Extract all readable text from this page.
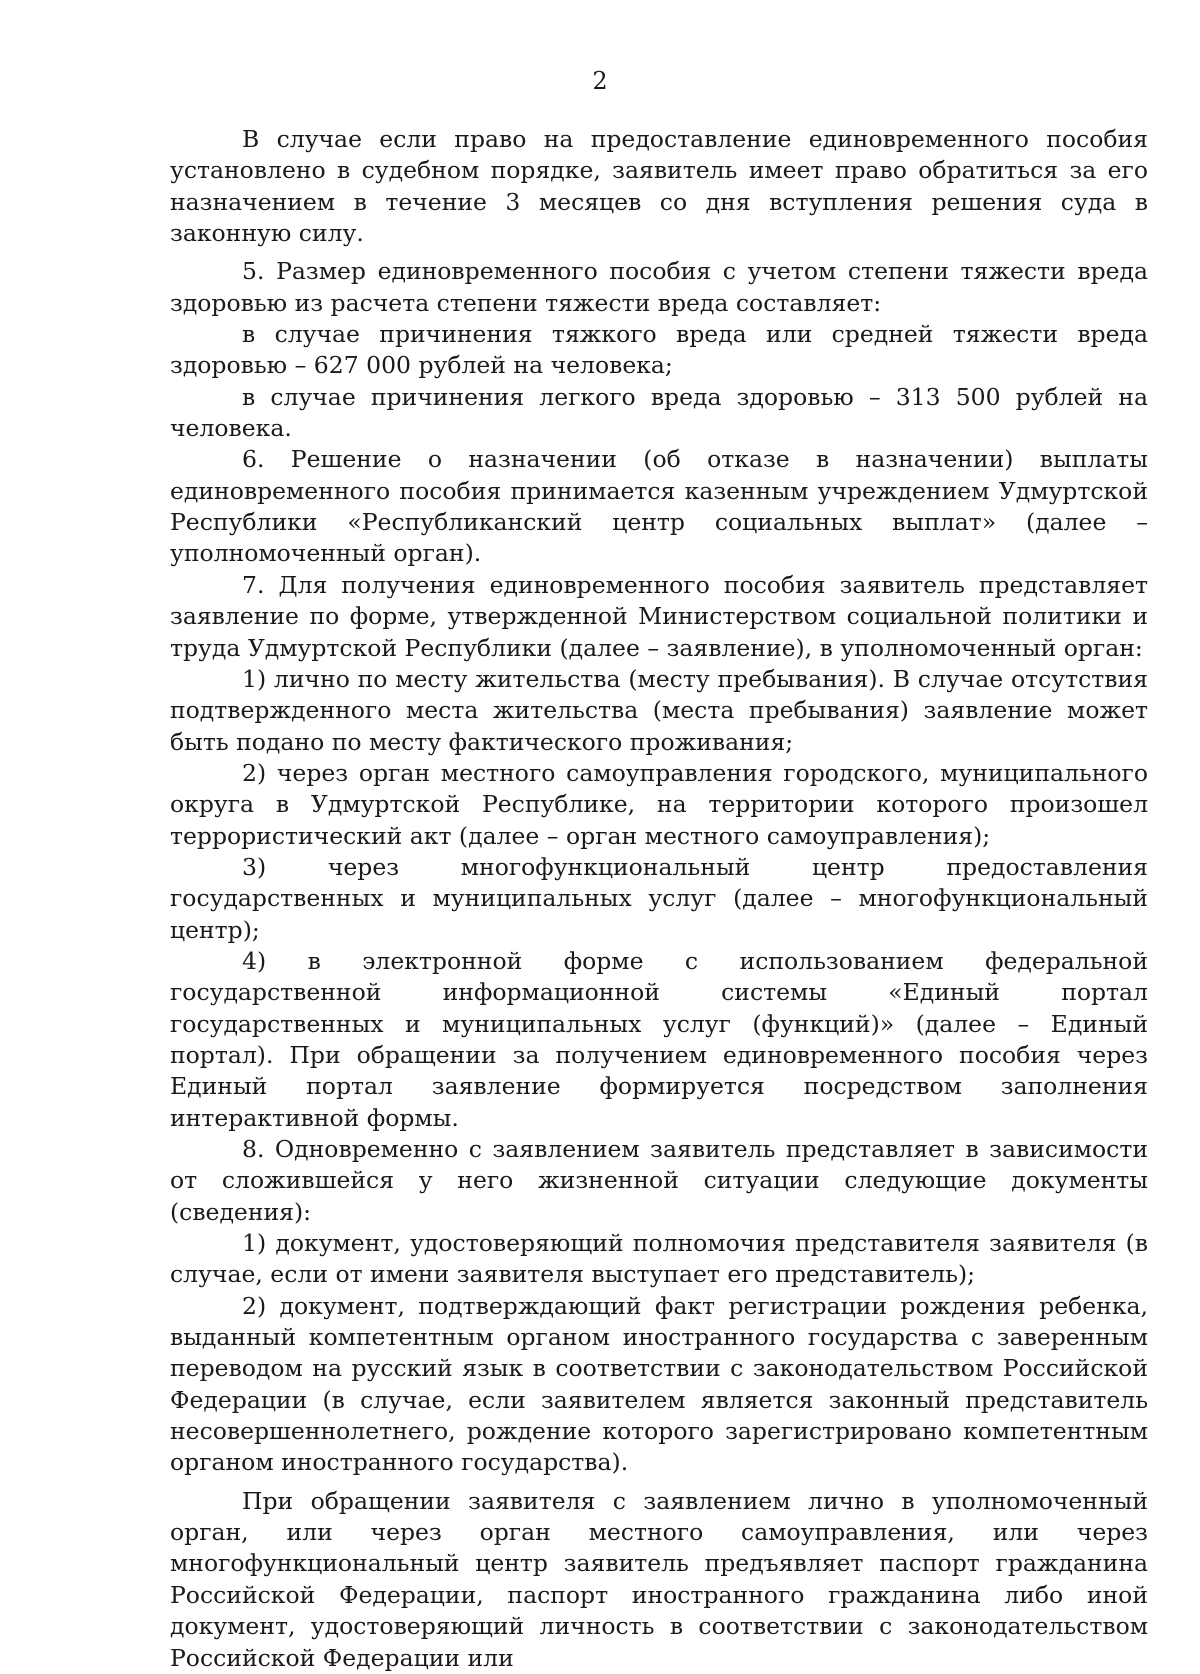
2

В случае если право на предоставление единовременного пособия установлено в судебном порядке, заявитель имеет право обратиться за его назначением в течение 3 месяцев со дня вступления решения суда в законную силу.

5. Размер единовременного пособия с учетом степени тяжести вреда здоровью из расчета степени тяжести вреда составляет:

в случае причинения тяжкого вреда или средней тяжести вреда здоровью – 627 000 рублей на человека;

в случае причинения легкого вреда здоровью – 313 500 рублей на человека.

6. Решение о назначении (об отказе в назначении) выплаты единовременного пособия принимается казенным учреждением Удмуртской Республики «Республиканский центр социальных выплат» (далее – уполномоченный орган).

7. Для получения единовременного пособия заявитель представляет заявление по форме, утвержденной Министерством социальной политики и труда Удмуртской Республики (далее – заявление), в уполномоченный орган:

1) лично по месту жительства (месту пребывания). В случае отсутствия подтвержденного места жительства (места пребывания) заявление может быть подано по месту фактического проживания;

2) через орган местного самоуправления городского, муниципального округа в Удмуртской Республике, на территории которого произошел террористический акт (далее – орган местного самоуправления);

3) через многофункциональный центр предоставления государственных и муниципальных услуг (далее – многофункциональный центр);

4) в электронной форме с использованием федеральной государственной информационной системы «Единый портал государственных и муниципальных услуг (функций)» (далее – Единый портал). При обращении за получением единовременного пособия через Единый портал заявление формируется посредством заполнения интерактивной формы.

8. Одновременно с заявлением заявитель представляет в зависимости от сложившейся у него жизненной ситуации следующие документы (сведения):

1) документ, удостоверяющий полномочия представителя заявителя (в случае, если от имени заявителя выступает его представитель);

2) документ, подтверждающий факт регистрации рождения ребенка, выданный компетентным органом иностранного государства с заверенным переводом на русский язык в соответствии с законодательством Российской Федерации (в случае, если заявителем является законный представитель несовершеннолетнего, рождение которого зарегистрировано компетентным органом иностранного государства).

При обращении заявителя с заявлением лично в уполномоченный орган, или через орган местного самоуправления, или через многофункциональный центр заявитель предъявляет паспорт гражданина Российской Федерации, паспорт иностранного гражданина либо иной документ, удостоверяющий личность в соответствии с законодательством Российской Федерации или
